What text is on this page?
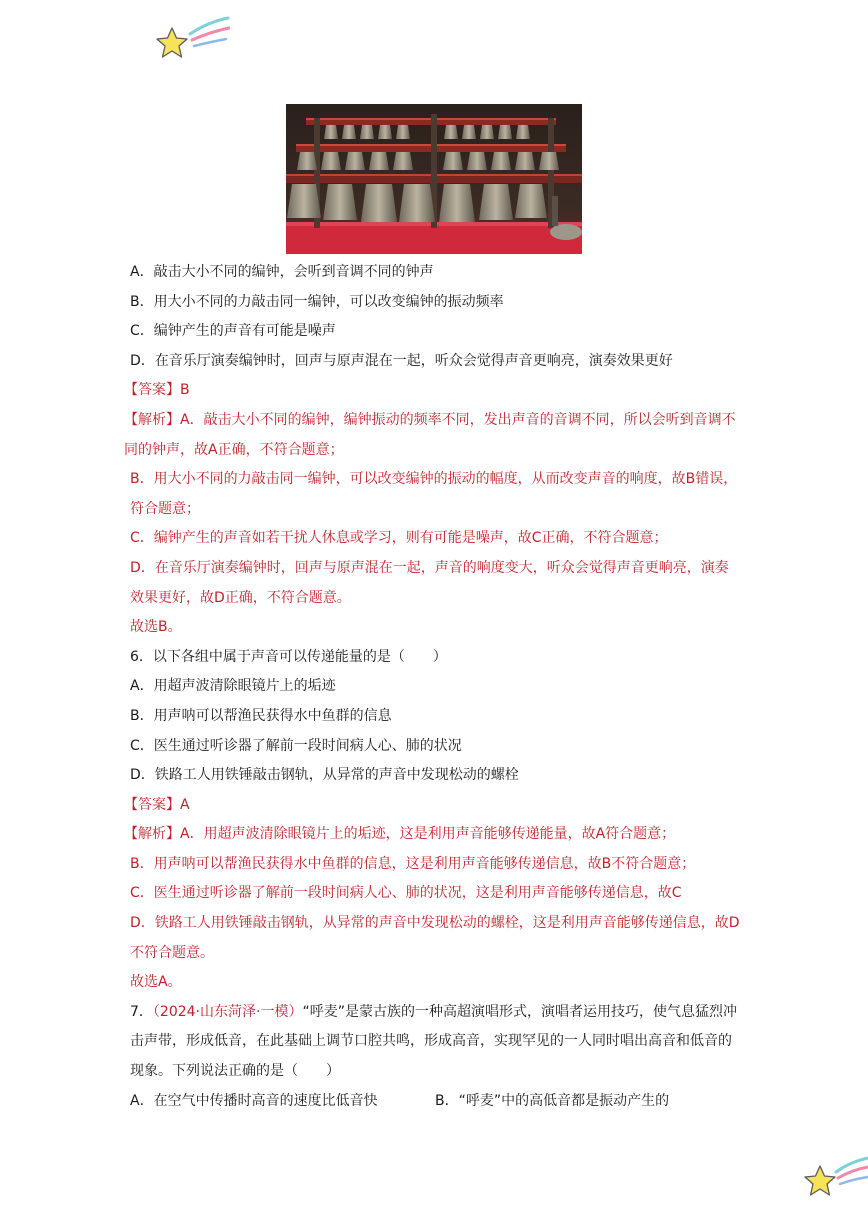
A．敲击大小不同的编钟，会听到音调不同的钟声
B．用大小不同的力敲击同一编钟，可以改变编钟的振动频率
C．编钟产生的声音有可能是噪声
D．在音乐厅演奏编钟时，回声与原声混在一起，听众会觉得声音更响亮，演奏效果更好
【答案】B
【解析】A．敲击大小不同的编钟，编钟振动的频率不同，发出声音的音调不同，所以会听到音调不同的钟声，故A正确，不符合题意；
B．用大小不同的力敲击同一编钟，可以改变编钟的振动的幅度，从而改变声音的响度，故B错误，符合题意；
C．编钟产生的声音如若干扰人休息或学习，则有可能是噪声，故C正确，不符合题意；
D．在音乐厅演奏编钟时，回声与原声混在一起，声音的响度变大，听众会觉得声音更响亮，演奏效果更好，故D正确，不符合题意。
故选B。
6．以下各组中属于声音可以传递能量的是（　　）
A．用超声波清除眼镜片上的垢迹
B．用声呐可以帮渔民获得水中鱼群的信息
C．医生通过听诊器了解前一段时间病人心、肺的状况
D．铁路工人用铁锤敲击钢轨，从异常的声音中发现松动的螺栓
【答案】A
【解析】A．用超声波清除眼镜片上的垢迹，这是利用声音能够传递能量，故A符合题意；
B．用声呐可以帮渔民获得水中鱼群的信息，这是利用声音能够传递信息，故B不符合题意；
C．医生通过听诊器了解前一段时间病人心、肺的状况，这是利用声音能够传递信息，故C
D．铁路工人用铁锤敲击钢轨，从异常的声音中发现松动的螺栓，这是利用声音能够传递信息，故D不符合题意。
故选A。
7．（2024·山东菏泽·一模）“呼麦”是蒙古族的一种高超演唱形式，演唱者运用技巧，使气息猛烈冲击声带，形成低音，在此基础上调节口腔共鸣，形成高音，实现罕见的一人同时唱出高音和低音的现象。下列说法正确的是（　　）
A．在空气中传播时高音的速度比低音快	B．“呼麦”中的高低音都是振动产生的
